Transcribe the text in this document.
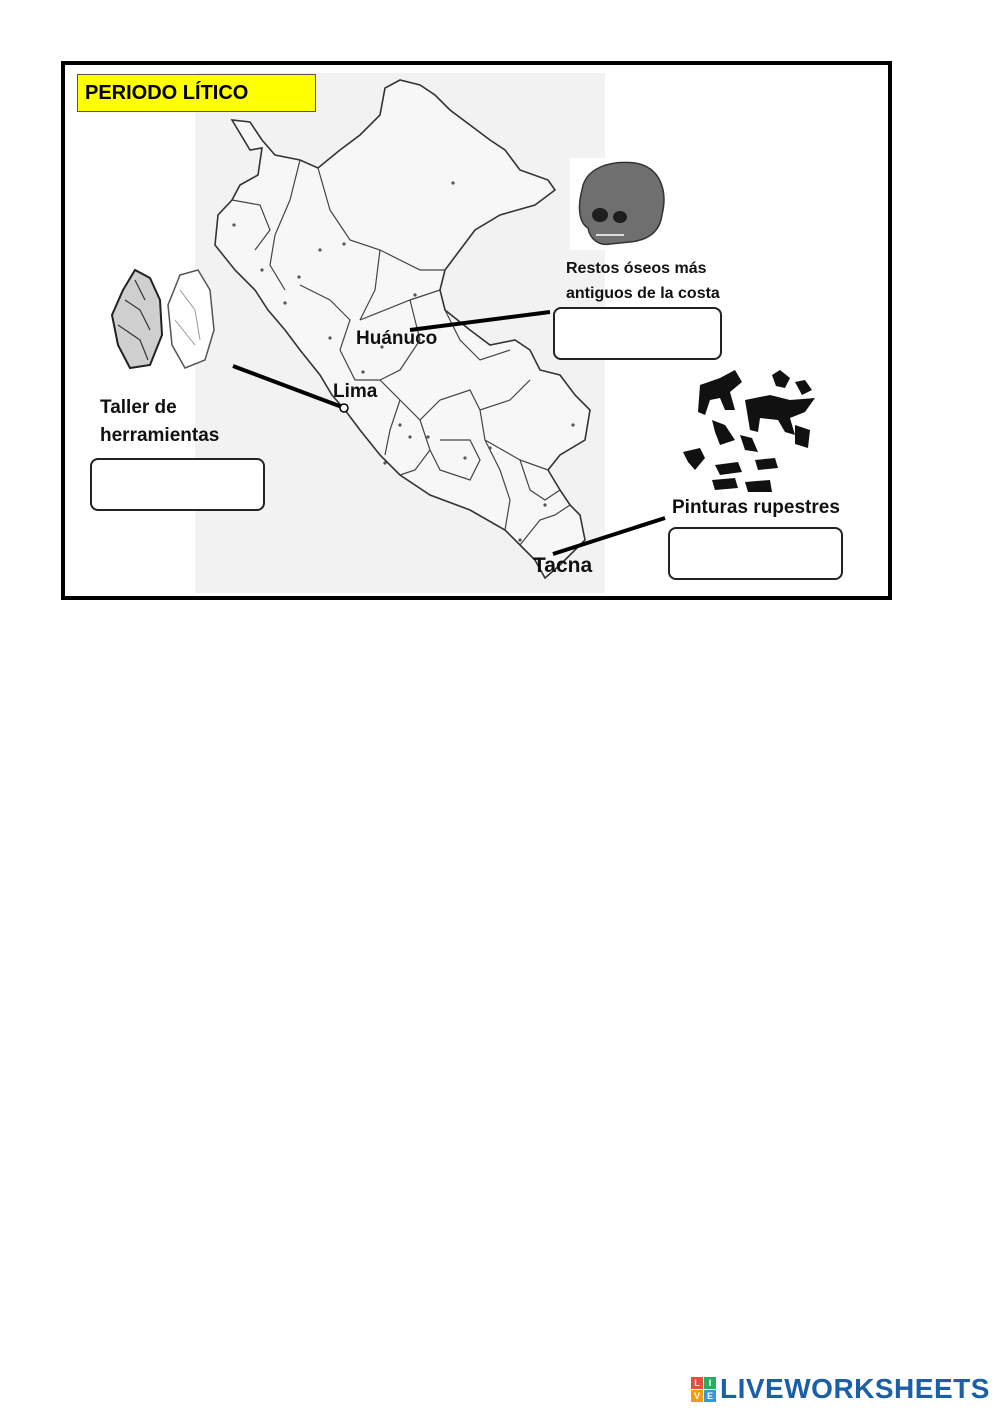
PERIODO LÍTICO
Huánuco
Lima
Tacna
Taller de
herramientas
Restos óseos más
antiguos de la costa
Pinturas rupestres
L I
V E LIVEWORKSHEETS
